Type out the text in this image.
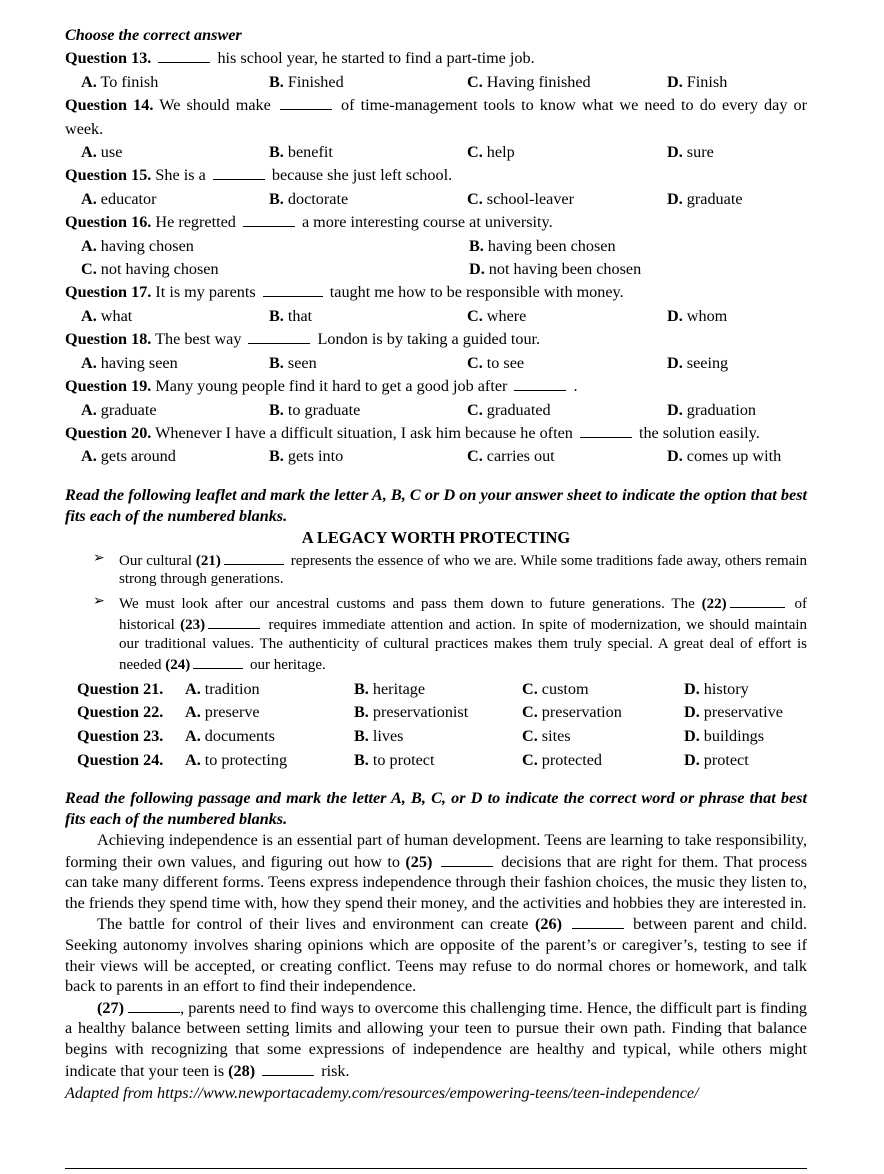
Choose the correct answer

Question 13.	his school year, he started to find a part-time job.

A. To finish	B. Finished	C. Having finished	D. Finish

Question 14. We should make	of time-management tools to know what we need to do every day or week.

A. use	B. benefit	C. help	D. sure

Question 15. She is a	because she just left school.

A. educator	B. doctorate	C. school-leaver	D. graduate

Question 16. He regretted	a more interesting course at university.

A. having chosen	B. having been chosen
C. not having chosen	D. not having been chosen

Question 17. It is my parents	taught me how to be responsible with money.

A. what	B. that	C. where	D. whom

Question 18. The best way	London is by taking a guided tour.

A. having seen	B. seen	C. to see	D. seeing

Question 19. Many young people find it hard to get a good job after	.

A. graduate	B. to graduate	C. graduated	D. graduation

Question 20. Whenever I have a difficult situation, I ask him because he often	the solution easily.

A. gets around	B. gets into	C. carries out	D. comes up with
Read the following leaflet and mark the letter A, B, C or D on your answer sheet to indicate the option that best fits each of the numbered blanks.
A LEGACY WORTH PROTECTING
➢ Our cultural (21)	represents the essence of who we are. While some traditions fade away, others remain strong through generations.
➢ We must look after our ancestral customs and pass them down to future generations. The (22)	of historical (23)	requires immediate attention and action. In spite of modernization, we should maintain our traditional values. The authenticity of cultural practices makes them truly special. A great deal of effort is needed (24)	our heritage.
Question 21.	A. tradition	B. heritage	C. custom	D. history
Question 22.	A. preserve	B. preservationist	C. preservation	D. preservative
Question 23.	A. documents	B. lives	C. sites	D. buildings
Question 24.	A. to protecting	B. to protect	C. protected	D. protect
Read the following passage and mark the letter A, B, C, or D to indicate the correct word or phrase that best fits each of the numbered blanks.

Achieving independence is an essential part of human development. Teens are learning to take responsibility, forming their own values, and figuring out how to (25)	decisions that are right for them. That process can take many different forms. Teens express independence through their fashion choices, the music they listen to, the friends they spend time with, how they spend their money, and the activities and hobbies they are interested in.

The battle for control of their lives and environment can create (26)	between parent and child. Seeking autonomy involves sharing opinions which are opposite of the parent’s or caregiver’s, testing to see if their views will be accepted, or creating conflict. Teens may refuse to do normal chores or homework, and talk back to parents in an effort to find their independence.

(27)	, parents need to find ways to overcome this challenging time. Hence, the difficult part is finding a healthy balance between setting limits and allowing your teen to pursue their own path. Finding that balance begins with recognizing that some expressions of independence are healthy and typical, while others might indicate that your teen is (28)	risk.

Adapted from https://www.newportacademy.com/resources/empowering-teens/teen-independence/
